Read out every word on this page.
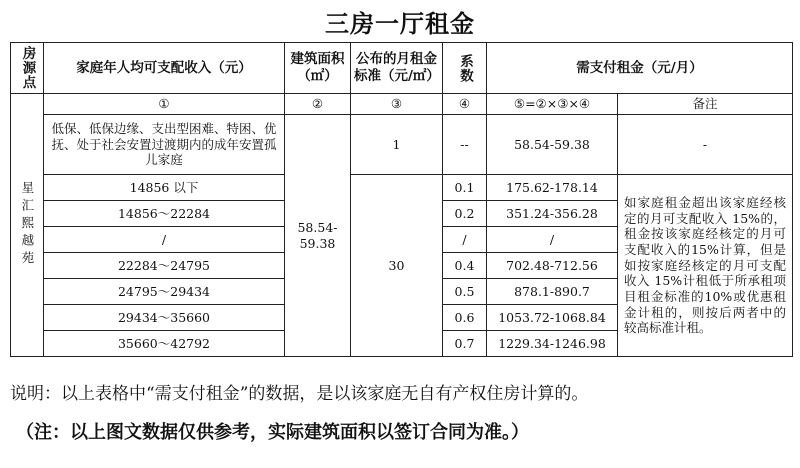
三房一厅租金
房源点	家庭年人均可支配收入（元）	建筑面积（㎡）	公布的月租金标准（元/㎡）	系数	需支付租金（元/月）	

星汇熙越苑	①	②	③	④	⑤=②×③×④	备注
	低保、低保边缘、支出型困难、特困、优抚、处于社会安置过渡期内的成年安置孤儿家庭	58.54-59.38	1	--	58.54-59.38	-
	14856 以下		30	0.1	175.62-178.14	如家庭租金超出该家庭经核定的月可支配收入 15%的，租金按该家庭经核定的月可支配收入的15%计算，但是如按家庭经核定的月可支配收入 15%计租低于所承租项目租金标准的10%或优惠租金计租的，则按后两者中的较高标准计租。
	14856～22284			0.2	351.24-356.28	
	/			/	/	
	22284～24795			0.4	702.48-712.56	
	24795～29434			0.5	878.1-890.7	
	29434～35660			0.6	1053.72-1068.84	
	35660～42792			0.7	1229.34-1246.98	
说明：以上表格中“需支付租金”的数据，是以该家庭无自有产权住房计算的。
（注：以上图文数据仅供参考，实际建筑面积以签订合同为准。）
